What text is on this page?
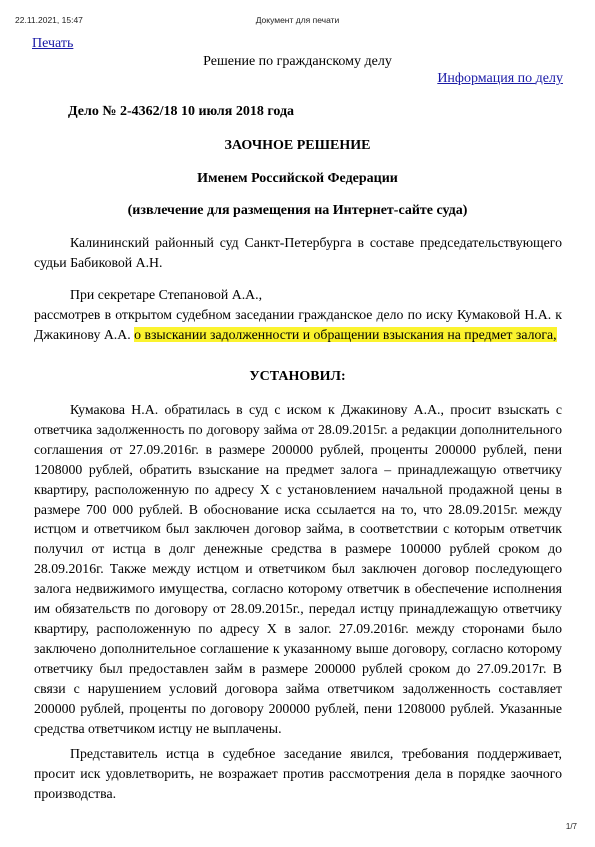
22.11.2021, 15:47	Документ для печати
Печать
Решение по гражданскому делу
Информация по делу
Дело № 2-4362/18 10 июля 2018 года
ЗАОЧНОЕ РЕШЕНИЕ
Именем Российской Федерации
(извлечение для размещения на Интернет-сайте суда)
Калининский районный суд Санкт-Петербурга в составе председательствующего судьи Бабиковой А.Н.
При секретаре Степановой А.А.,
рассмотрев в открытом судебном заседании гражданское дело по иску Кумаковой Н.А. к Джакинову А.А. о взыскании задолженности и обращении взыскания на предмет залога,
УСТАНОВИЛ:
Кумакова Н.А. обратилась в суд с иском к Джакинову А.А., просит взыскать с ответчика задолженность по договору займа от 28.09.2015г. а редакции дополнительного соглашения от 27.09.2016г. в размере 200000 рублей, проценты 200000 рублей, пени 1208000 рублей, обратить взыскание на предмет залога – принадлежащую ответчику квартиру, расположенную по адресу Х с установлением начальной продажной цены в размере 700 000 рублей. В обоснование иска ссылается на то, что 28.09.2015г. между истцом и ответчиком был заключен договор займа, в соответствии с которым ответчик получил от истца в долг денежные средства в размере 100000 рублей сроком до 28.09.2016г. Также между истцом и ответчиком был заключен договор последующего залога недвижимого имущества, согласно которому ответчик в обеспечение исполнения им обязательств по договору от 28.09.2015г., передал истцу принадлежащую ответчику квартиру, расположенную по адресу Х в залог. 27.09.2016г. между сторонами было заключено дополнительное соглашение к указанному выше договору, согласно которому ответчику был предоставлен займ в размере 200000 рублей сроком до 27.09.2017г. В связи с нарушением условий договора займа ответчиком задолженность составляет 200000 рублей, проценты по договору 200000 рублей, пени 1208000 рублей. Указанные средства ответчиком истцу не выплачены.
Представитель истца в судебное заседание явился, требования поддерживает, просит иск удовлетворить, не возражает против рассмотрения дела в порядке заочного производства.
1/7
